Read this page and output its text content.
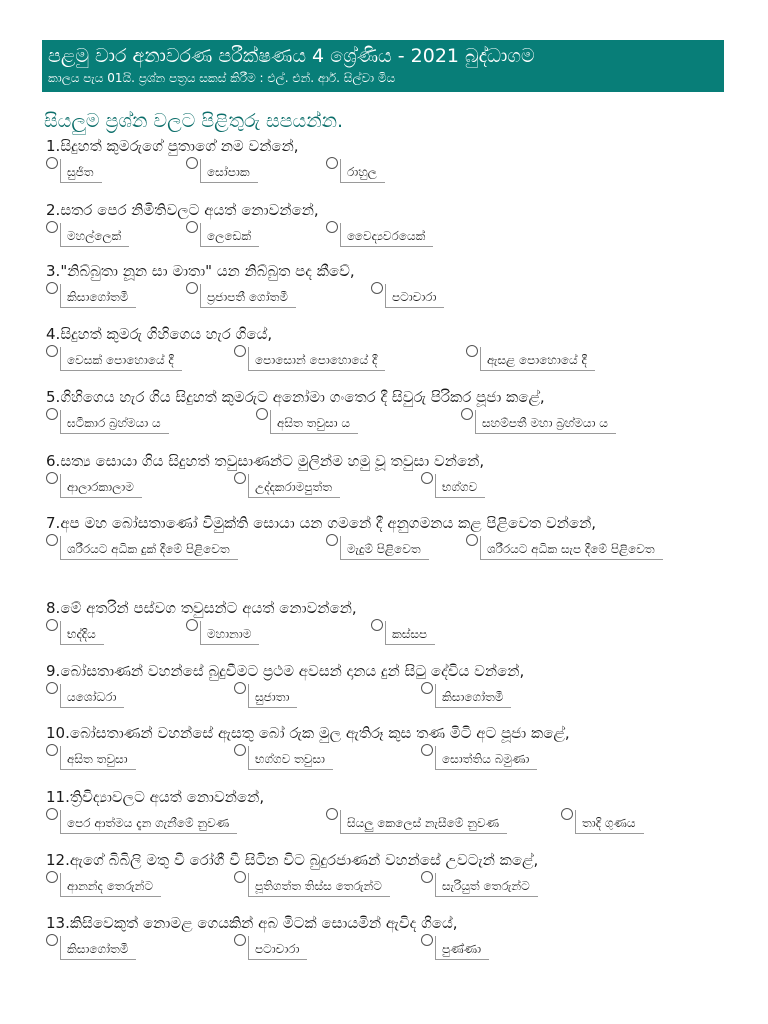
පළමු වාර අනාවරණ පරීක්ෂණය 4 ශ්‍රේණිය - 2021 බුද්ධාගම
කාලය පැය 01යි. ප්‍රශ්න පත්‍රය සකස් කිරීම : එල්. එන්. ආර්. සිල්වා මිය
සියලුම ප්‍රශ්න වලට පිළිතුරු සපයන්න.
1.සිදුහත් කුමරුගේ පුතාගේ නම වන්නේ,
සුජිත	සෝපාක	රාහුල
2.සතර පෙර නිමිතිවලට අයත් නොවන්නේ,
මහල්ලෙක්	ලෙඩෙක්	වෛද්‍යවරයෙක්
3."නිබ්බුතා නූන සා මාතා" යන නිබ්බුත පද කීවේ,
කිසාගෝතමී	ප්‍රජාපතී ගෝතමී	පටාචාරා
4.සිදුහත් කුමරු ගිහිගෙය හැර ගියේ,
වෙසක් පොහොයේ දී	පොසොන් පොහොයේ දී	ඇසළ පොහොයේ දී
5.ගිහිගෙය හැර ගිය සිදුහත් කුමරුට අනෝමා ගංතෙර දී සිවුරු පිරිකර පූජා කළේ,
ඝටීකාර බ්‍රහ්මයා ය	අසිත තවුසා ය	සහම්පතී මහා බ්‍රහ්මයා ය
6.සත්‍ය සොයා ගිය සිදුහත් තවුසාණන්ට මුලින්ම හමු වූ තවුසා වන්නේ,
ආලාරකාලාම	උද්දකරාමපුත්ත	භග්ගව
7.අප මහ බෝසතාණෝ විමුක්ති සොයා යන ගමනේ දී අනුගමනය කළ පිළිවෙත වන්නේ,
ශරීරයට අධික දුක් දීමේ පිළිවෙත	මැදුම් පිළිවෙත	ශරීරයට අධික සැප දීමේ පිළිවෙත
8.මේ අතරින් පස්වග තවුසන්ට අයත් නොවන්නේ,
භද්දිය	මහානාම	කස්සප
9.බෝසතාණන් වහන්සේ බුදුවීමට ප්‍රථම අවසන් දානය දුන් සිටු දේවිය වන්නේ,
යශෝධරා	සුජාතා	කිසාගෝතමී
10.බෝසතාණන් වහන්සේ ඇසතු බෝ රුක මුල ඇතිරූ කුස තණ මිටි අට පූජා කළේ,
අසිත තවුසා	භග්ගව තවුසා	සොත්තිය බමුණා
11.ත්‍රිවිද්‍යාවලට අයත් නොවන්නේ,
පෙර ආත්මය දැන ගැනීමේ නුවණ	සියලු කෙලෙස් නැසීමේ නුවණ	තාදි ගුණය
12.ඇගේ බිබිලි මතු වී රෝගී වී සිටින විට බුදුරජාණන් වහන්සේ උවටැන් කළේ,
ආනන්ද තෙරුන්ට	පූතිගත්ත තිස්ස තෙරුන්ට	සැරියුත් තෙරුන්ට
13.කිසිවෙකුත් නොමළ ගෙයකින් අබ මිටක් සොයමින් ඇවිද ගියේ,
කිසාගෝතමී	පටාචාරා	පුණ්ණා
